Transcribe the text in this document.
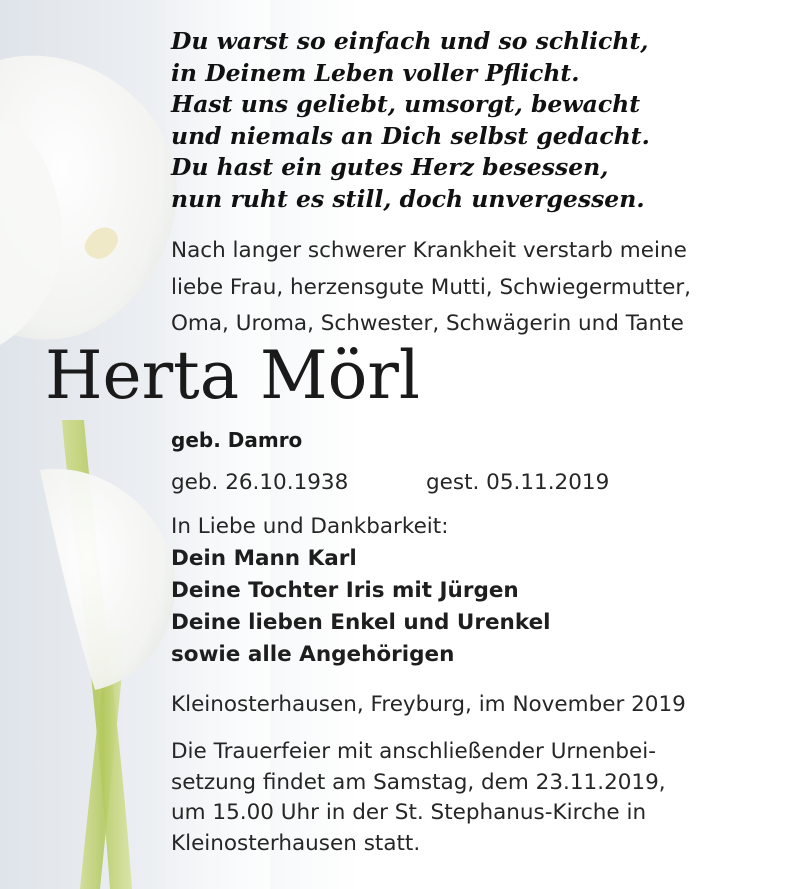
Du warst so einfach und so schlicht,
in Deinem Leben voller Pflicht.
Hast uns geliebt, umsorgt, bewacht
und niemals an Dich selbst gedacht.
Du hast ein gutes Herz besessen,
nun ruht es still, doch unvergessen.
Nach langer schwerer Krankheit verstarb meine
liebe Frau, herzensgute Mutti, Schwiegermutter,
Oma, Uroma, Schwester, Schwägerin und Tante
Herta Mörl
geb. Damro
geb. 26.10.1938	gest. 05.11.2019
In Liebe und Dankbarkeit:
Dein Mann Karl
Deine Tochter Iris mit Jürgen
Deine lieben Enkel und Urenkel
sowie alle Angehörigen
Kleinosterhausen, Freyburg, im November 2019
Die Trauerfeier mit anschließender Urnenbei-
setzung findet am Samstag, dem 23.11.2019,
um 15.00 Uhr in der St. Stephanus-Kirche in
Kleinosterhausen statt.
